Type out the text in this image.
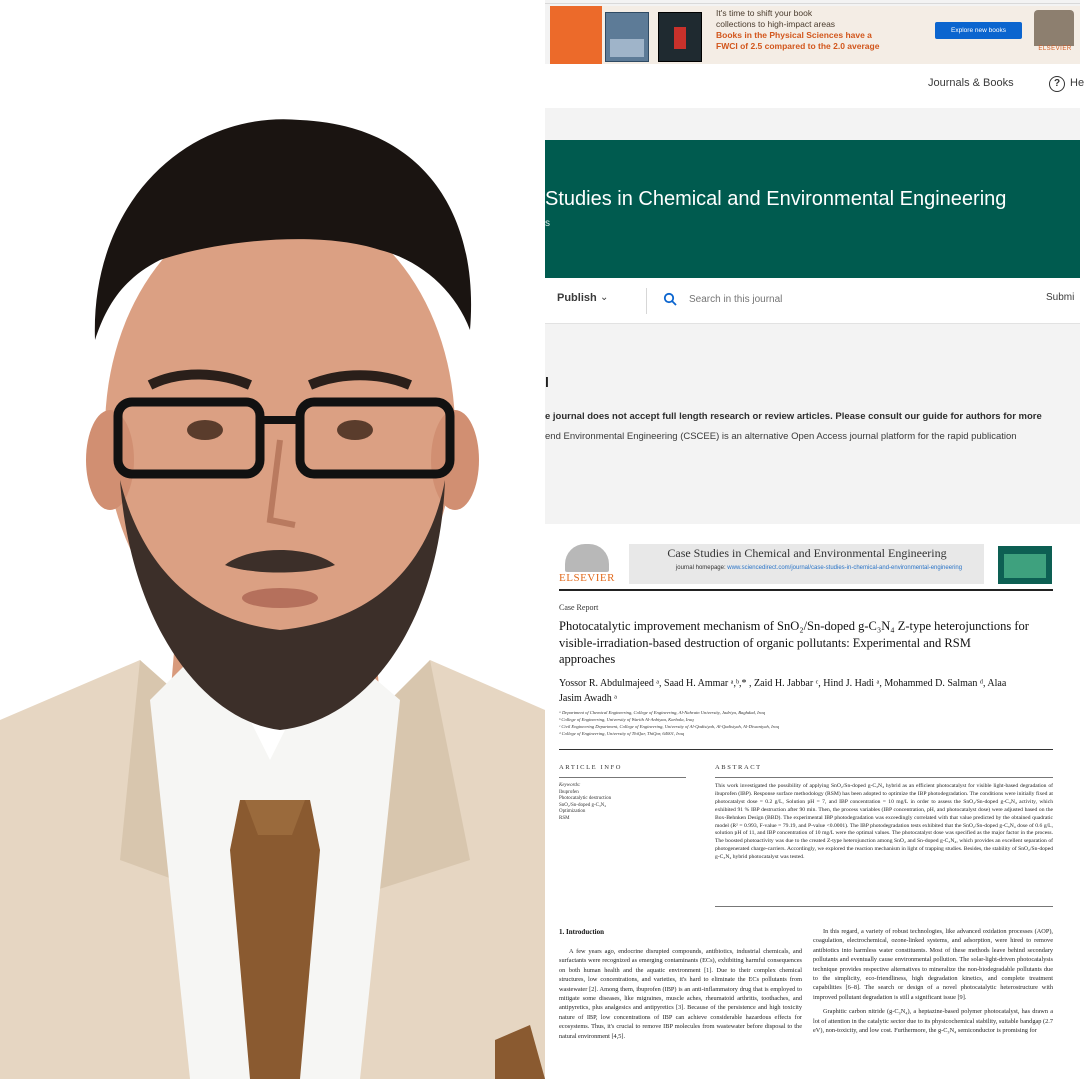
It's time to shift your book
collections to high-impact areas
Books in the Physical Sciences have a
FWCI of 2.5 compared to the 2.0 average
Explore new books
ELSEVIER
Journals & Books	? He
Studies in Chemical and Environmental Engineering
s
Publish ⌄
Search in this journal	Submi
l
e journal does not accept full length research or review articles. Please consult our guide for authors for more
end Environmental Engineering (CSCEE) is an alternative Open Access journal platform for the rapid publication
ELSEVIER
Case Studies in Chemical and Environmental Engineering
journal homepage: www.sciencedirect.com/journal/case-studies-in-chemical-and-environmental-engineering
Case Report
Photocatalytic improvement mechanism of SnO₂/Sn-doped g-C₃N₄ Z-type heterojunctions for visible-irradiation-based destruction of organic pollutants: Experimental and RSM approaches
Yossor R. Abdulmajeed ᵃ, Saad H. Ammar ᵃ,ᵇ,* , Zaid H. Jabbar ᶜ, Hind J. Hadi ᵃ, Mohammed D. Salman ᵈ, Alaa Jasim Awadh ᵃ
ᵃ Department of Chemical Engineering, College of Engineering, Al-Nahrain University, Jadriya, Baghdad, Iraq
ᵇ College of Engineering, University of Warith Al-Anbiyaa, Karbala, Iraq
ᶜ Civil Engineering Department, College of Engineering, University of Al-Qadisiyah, Al-Qadisiyah, Al-Diwaniyah, Iraq
ᵈ College of Engineering, University of ThiQar, ThiQar, 64001, Iraq
ARTICLE INFO
Keywords:
Ibuprofen
Photocatalytic destruction
SnO₂/Sn-doped g-C₃N₄
Optimization
RSM
ABSTRACT
This work investigated the possibility of applying SnO₂/Sn-doped g-C₃N₄ hybrid as an efficient photocatalyst for visible light-based degradation of ibuprofen (IBP). Response surface methodology (RSM) has been adopted to optimize the IBP photodegradation. The conditions were initially fixed at photocatalyst dose = 0.2 g/L, Solution pH = 7, and IBP concentration = 10 mg/L in order to assess the SnO₂/Sn-doped g-C₃N₄ activity, which exhibited 91 % IBP destruction after 90 min. Then, the process variables (IBP concentration, pH, and photocatalyst dose) were adjusted based on the Box-Behnken Design (BBD). The experimental IBP photodegradation was exceedingly correlated with that value predicted by the obtained quadratic model (R² = 0.993, F-value = 79.19, and P-value <0.0001). The IBP photodegradation tests exhibited that the SnO₂/Sn-doped g-C₃N₄ dose of 0.6 g/L, solution pH of 11, and IBP concentration of 10 mg/L were the optimal values. The photocatalyst dose was specified as the major factor in the process. The boosted photoactivity was due to the created Z-type heterojunction among SnO₂ and Sn-doped g-C₃N₄, which provides an excellent separation of photogenerated charge-carriers. Accordingly, we explored the reaction mechanism in light of trapping studies. Besides, the stability of SnO₂/Sn-doped g-C₃N₄ hybrid photocatalyst was tested.
1. Introduction
A few years ago, endocrine disrupted compounds, antibiotics, industrial chemicals, and surfactants were recognized as emerging contaminants (ECs), exhibiting harmful consequences on both human health and the aquatic environment [1]. Due to their complex chemical structures, low concentrations, and varieties, it's hard to eliminate the ECs pollutants from wastewater [2]. Among them, ibuprofen (IBP) is an anti-inflammatory drug that is employed to mitigate some diseases, like migraines, muscle aches, rheumatoid arthritis, toothaches, and antipyretics, plus analgesics and antipyretics [3]. Because of the persistence and high toxicity nature of IBP, low concentrations of IBP can achieve considerable hazardous effects for ecosystems. Thus, it's crucial to remove IBP molecules from wastewater before disposal to the natural environment [4,5].

In this regard, a variety of robust technologies, like advanced oxidation processes (AOP), coagulation, electrochemical, ozone-linked systems, and adsorption, were hired to remove antibiotics into harmless water constituents. Most of these methods leave behind secondary pollutants and eventually cause environmental pollution. The solar-light-driven photocatalysis technique provides respective alternatives to mineralize the non-biodegradable pollutants due to the simplicity, eco-friendliness, high degradation kinetics, and complete treatment capabilities [6–8]. The search or design of a novel photocatalytic heterostructure with improved pollutant degradation is still a significant issue [9].

Graphitic carbon nitride (g-C₃N₄), a heptazine-based polymer photocatalyst, has drawn a lot of attention in the catalytic sector due to its physicochemical stability, suitable bandgap (2.7 eV), non-toxicity, and low cost. Furthermore, the g-C₃N₄ semiconductor is promising for
